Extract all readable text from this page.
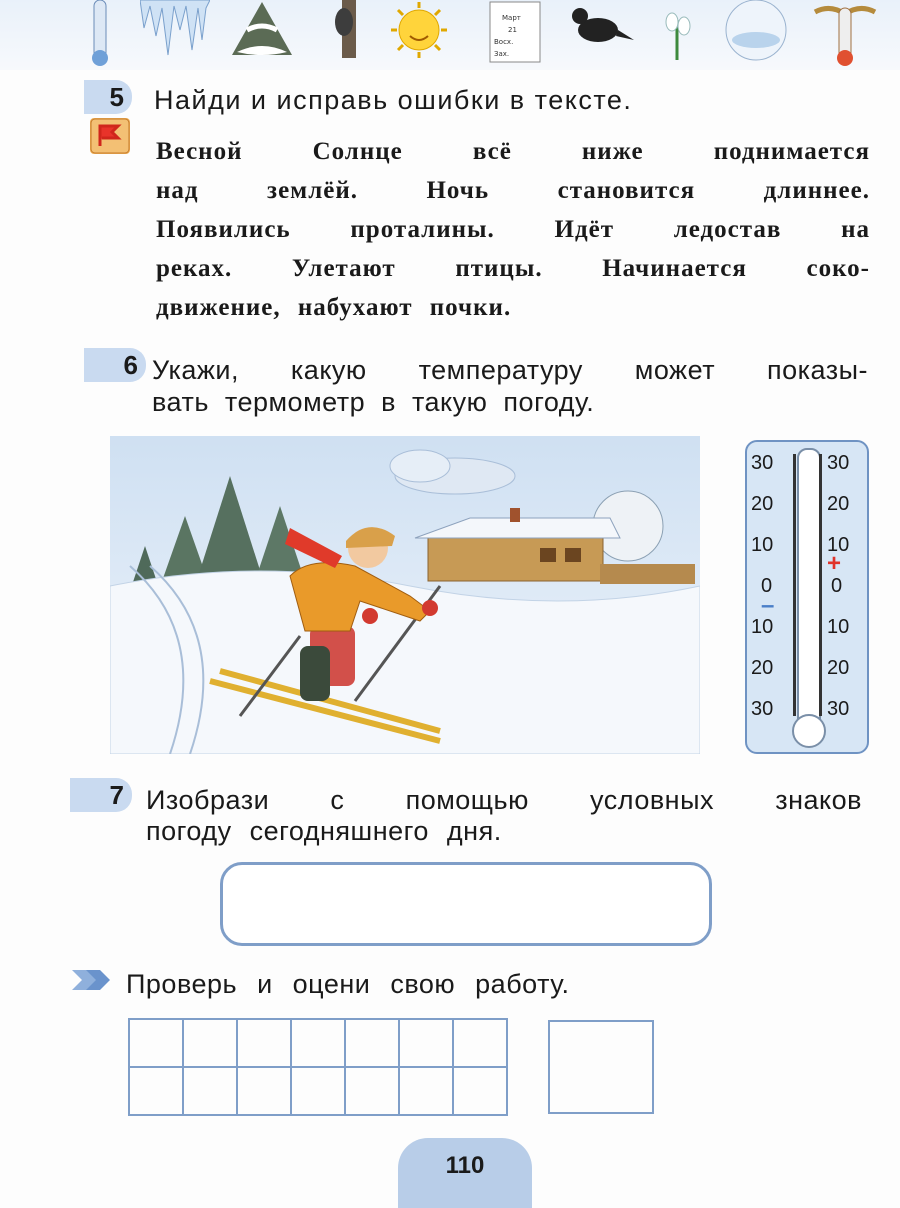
Март
21
Восх.
Зах.
5 Найди и исправь ошибки в тексте.
Весной Солнце всё ниже поднимается
над землёй. Ночь становится длиннее.
Появились проталины. Идёт ледостав на
реках. Улетают птицы. Начинается соко-
движение, набухают почки.
6 Укажи, какую температуру может показы-
вать термометр в такую погоду.
30
20
10
0
10
20
30
30
20
10
0
10
20
30
+
–
7 Изобрази с помощью условных знаков
погоду сегодняшнего дня.
Проверь и оцени свою работу.

110
